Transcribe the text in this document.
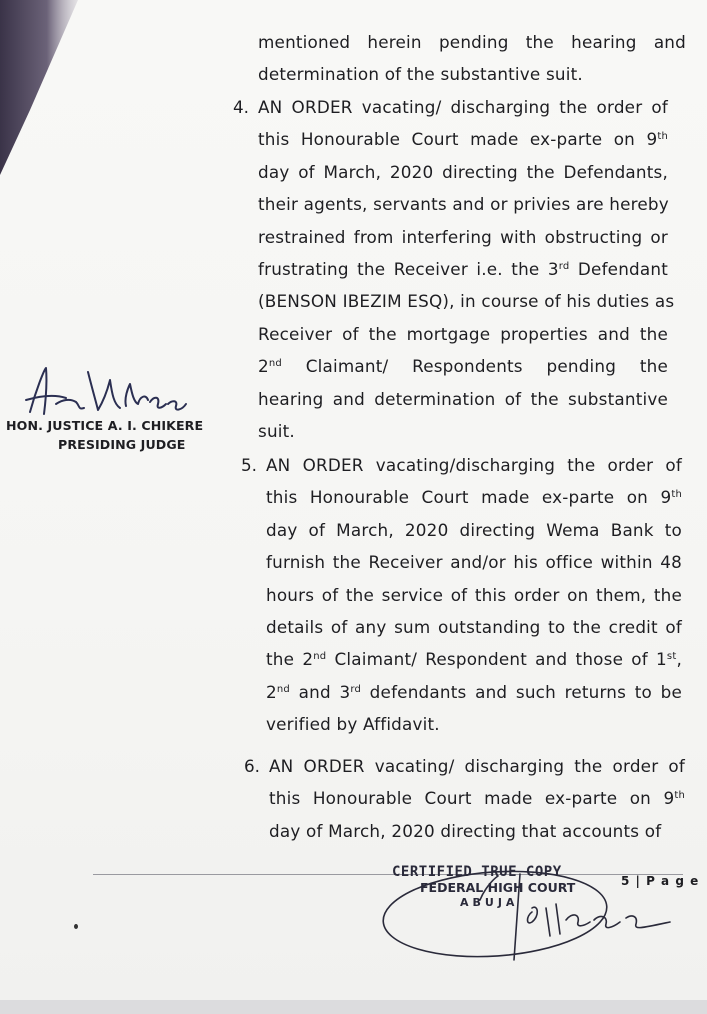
mentioned herein pending the hearing and
determination of the substantive suit.
4. AN ORDER vacating/ discharging the order of
this Honourable Court made ex-parte on 9th
day of March, 2020 directing the Defendants,
their agents, servants and or privies are hereby
restrained from interfering with obstructing or
frustrating the Receiver i.e. the 3rd Defendant
(BENSON IBEZIM ESQ), in course of his duties as
Receiver of the mortgage properties and the
2nd Claimant/ Respondents pending the
hearing and determination of the substantive
suit.
5. AN ORDER vacating/discharging the order of
this Honourable Court made ex-parte on 9th
day of March, 2020 directing Wema Bank to
furnish the Receiver and/or his office within 48
hours of the service of this order on them, the
details of any sum outstanding to the credit of
the 2nd Claimant/ Respondent and those of 1st,
2nd and 3rd defendants and such returns to be
verified by Affidavit.
6. AN ORDER vacating/ discharging the order of
this Honourable Court made ex-parte on 9th
day of March, 2020 directing that accounts of
HON. JUSTICE A. I. CHIKERE
PRESIDING JUDGE
CERTIFIED TRUE COPY
FEDERAL HIGH COURT
ABUJA
5 | P a g e
